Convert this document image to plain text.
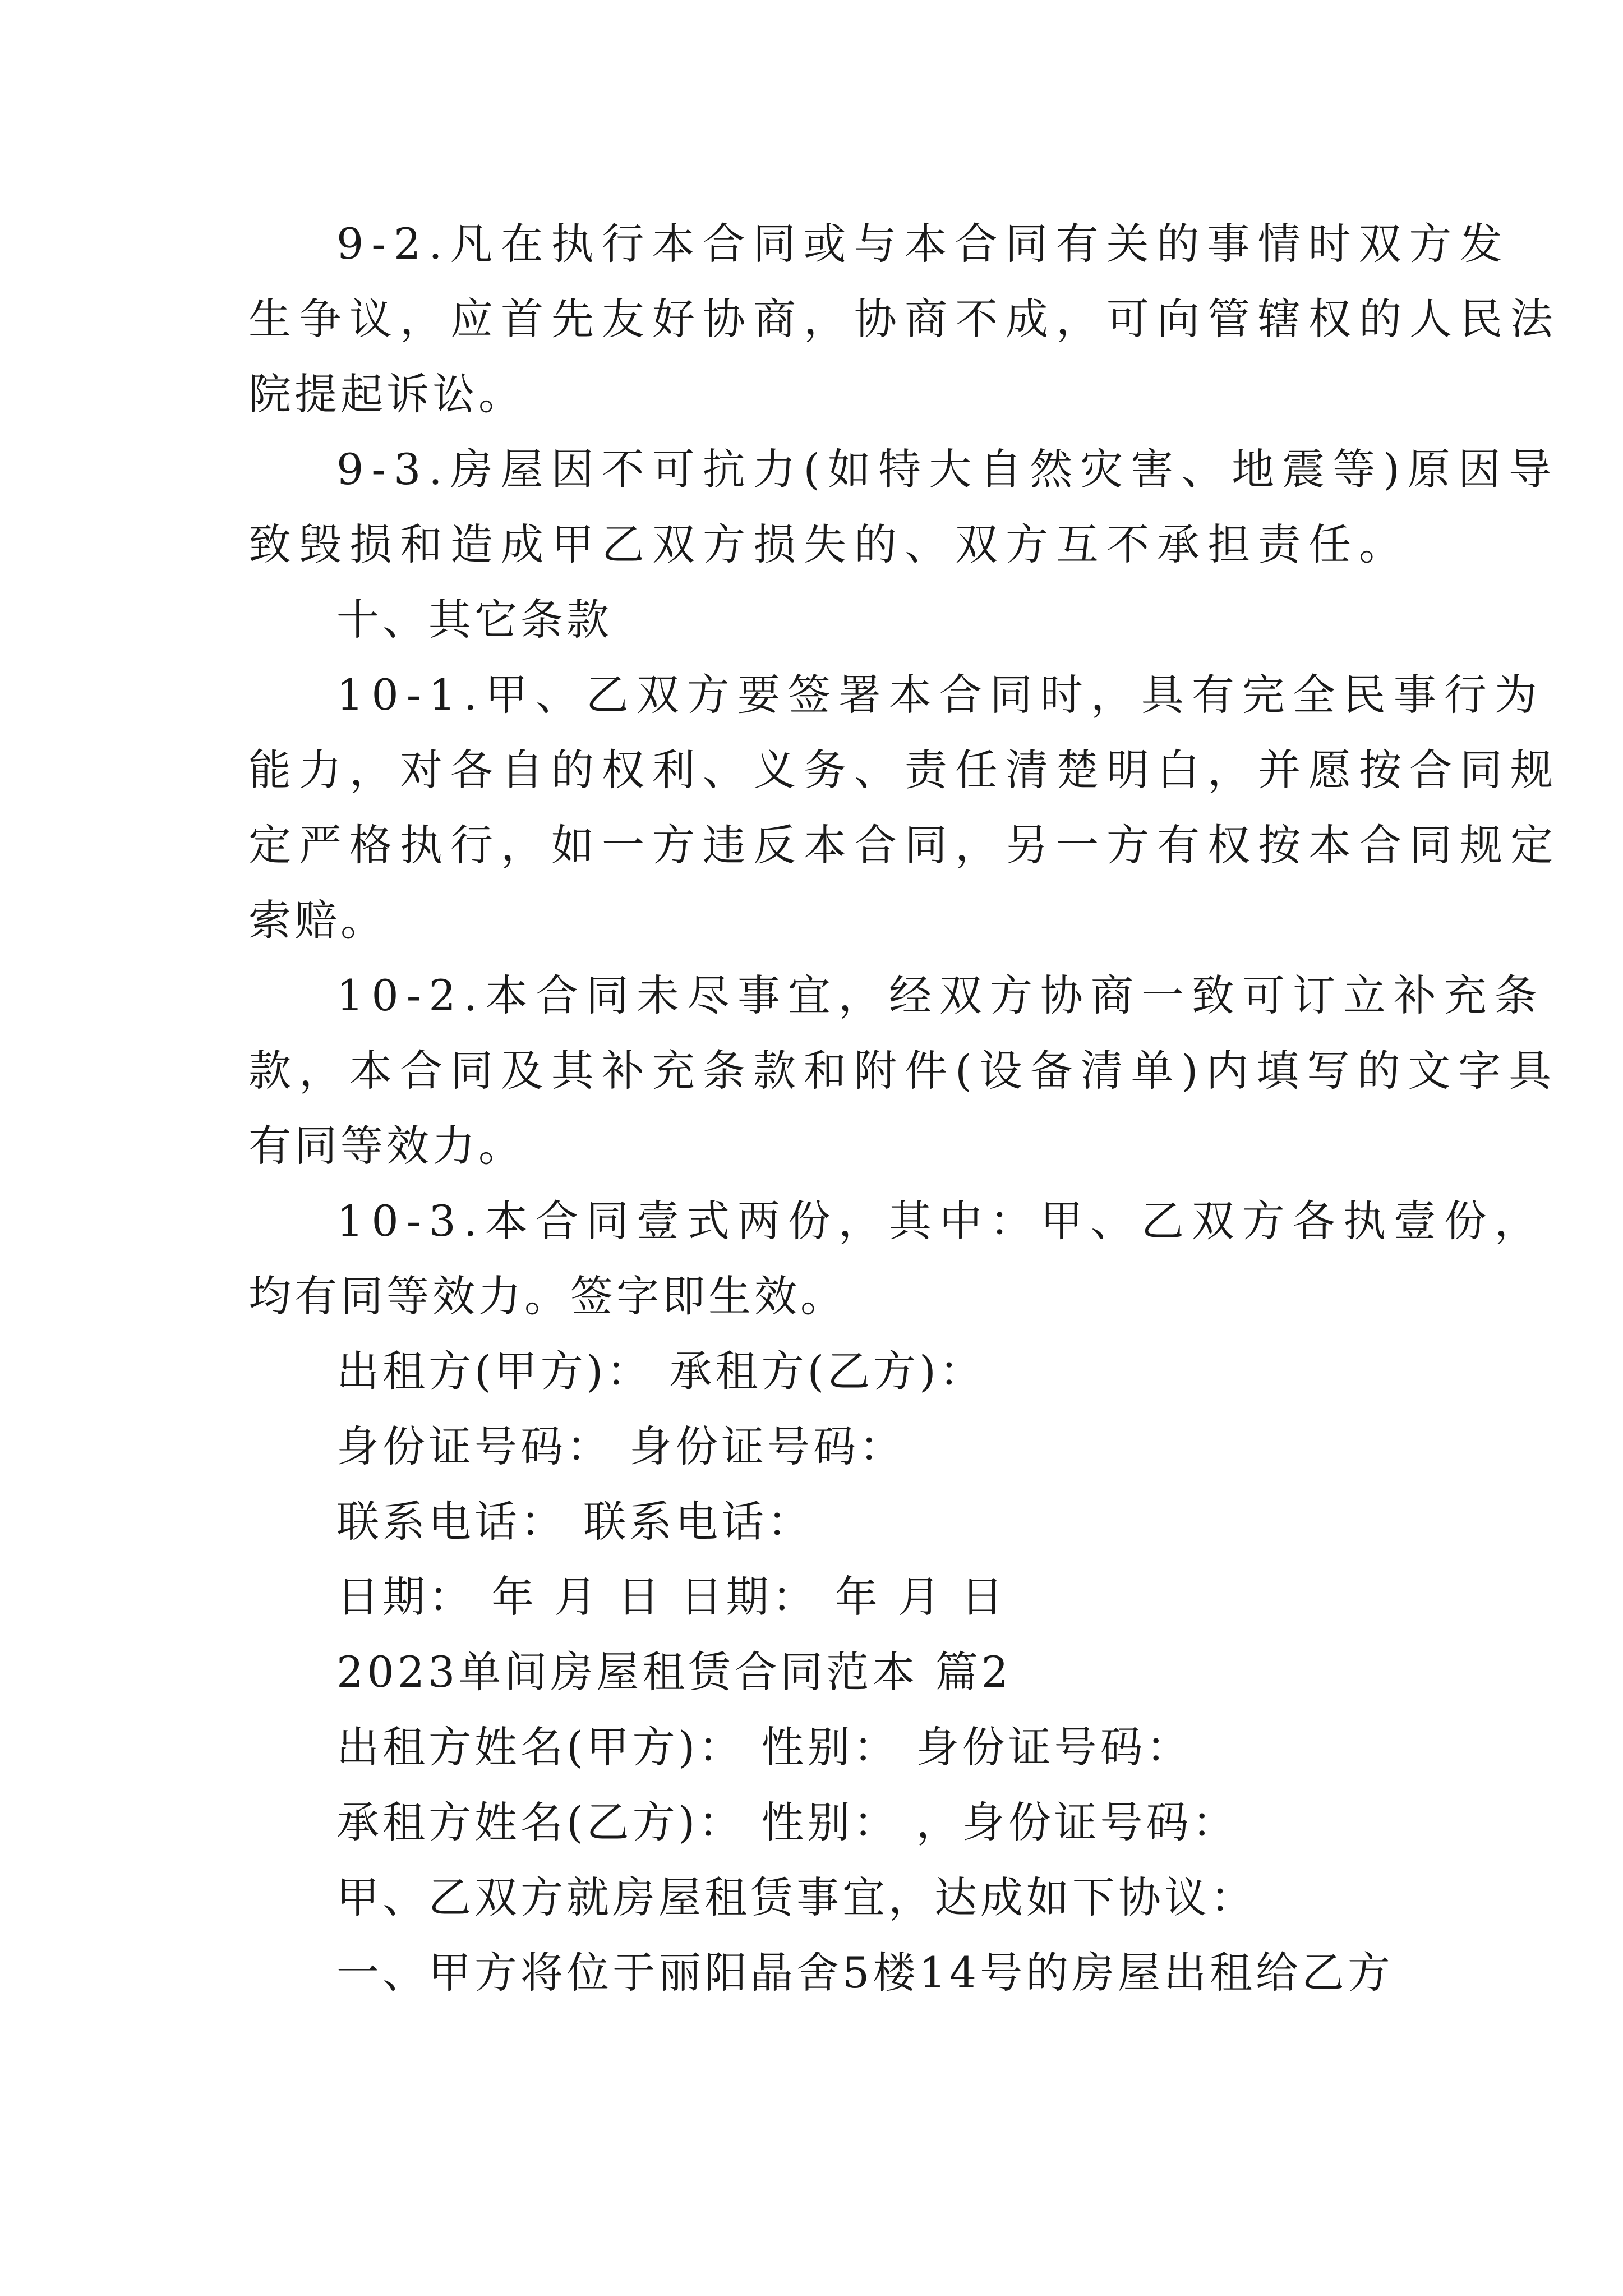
9-2.凡在执行本合同或与本合同有关的事情时双方发
生争议，应首先友好协商，协商不成，可向管辖权的人民法
院提起诉讼。
9-3.房屋因不可抗力(如特大自然灾害、地震等)原因导
致毁损和造成甲乙双方损失的、双方互不承担责任。
十、其它条款
10-1.甲、乙双方要签署本合同时，具有完全民事行为
能力，对各自的权利、义务、责任清楚明白，并愿按合同规
定严格执行，如一方违反本合同，另一方有权按本合同规定
索赔。
10-2.本合同未尽事宜，经双方协商一致可订立补充条
款，本合同及其补充条款和附件(设备清单)内填写的文字具
有同等效力。
10-3.本合同壹式两份，其中：甲、乙双方各执壹份，
均有同等效力。签字即生效。
出租方(甲方)： 承租方(乙方)：
身份证号码： 身份证号码：
联系电话： 联系电话：
日期： 年 月 日 日期： 年 月 日
2023单间房屋租赁合同范本 篇2
出租方姓名(甲方)： 性别： 身份证号码：
承租方姓名(乙方)： 性别： ，身份证号码：
甲、乙双方就房屋租赁事宜，达成如下协议：
一、甲方将位于丽阳晶舍5楼14号的房屋出租给乙方
